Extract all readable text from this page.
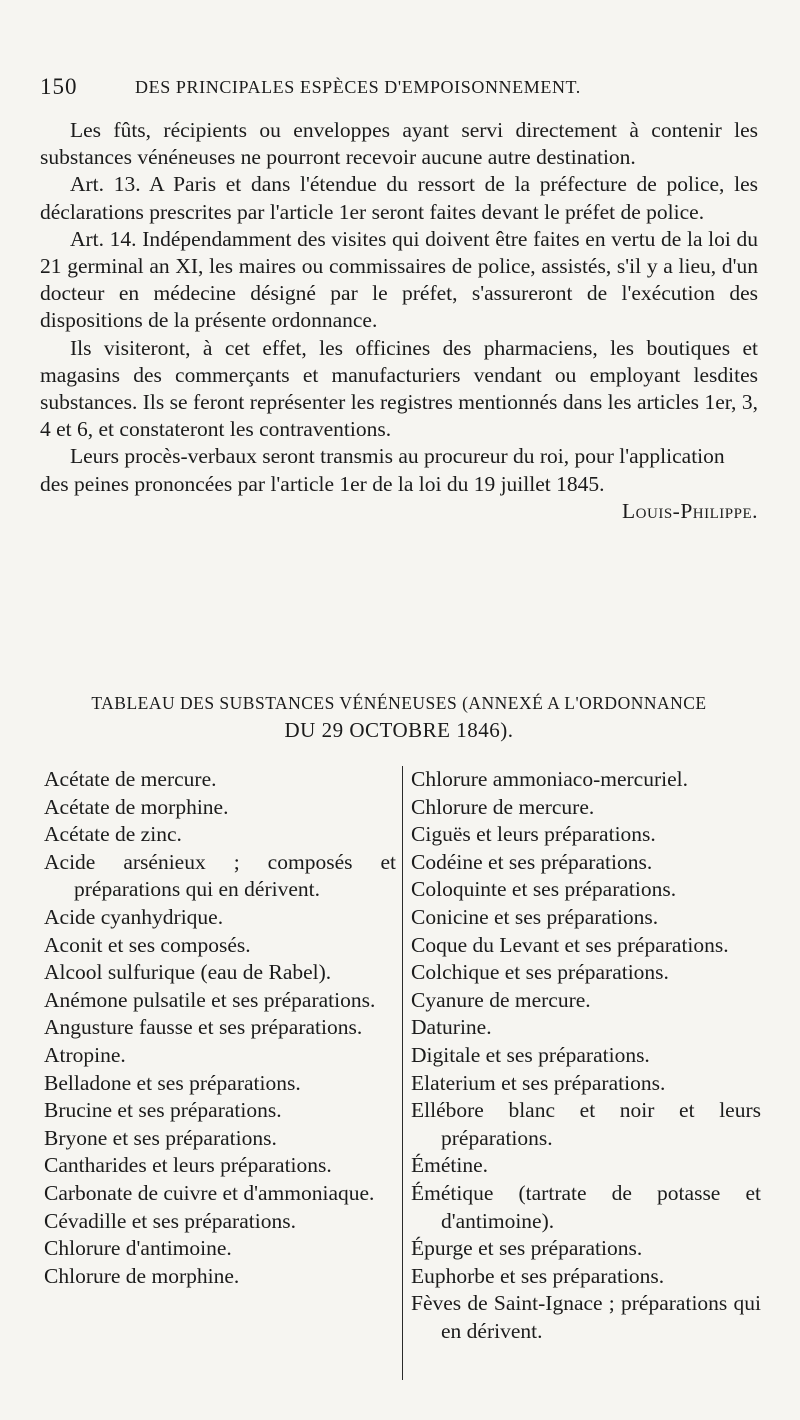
150	DES PRINCIPALES ESPÈCES D'EMPOISONNEMENT.

Les fûts, récipients ou enveloppes ayant servi directement à contenir les substances vénéneuses ne pourront recevoir aucune autre destination.

Art. 13. A Paris et dans l'étendue du ressort de la préfecture de police, les déclarations prescrites par l'article 1er seront faites devant le préfet de police.

Art. 14. Indépendamment des visites qui doivent être faites en vertu de la loi du 21 germinal an XI, les maires ou commissaires de police, assistés, s'il y a lieu, d'un docteur en médecine désigné par le préfet, s'assureront de l'exécution des dispositions de la présente ordonnance.

Ils visiteront, à cet effet, les officines des pharmaciens, les boutiques et magasins des commerçants et manufacturiers vendant ou employant lesdites substances. Ils se feront représenter les registres mentionnés dans les articles 1er, 3, 4 et 6, et constateront les contraventions.

Leurs procès-verbaux seront transmis au procureur du roi, pour l'application des peines prononcées par l'article 1er de la loi du 19 juillet 1845.
Louis-Philippe.

TABLEAU DES SUBSTANCES VÉNÉNEUSES (ANNEXÉ A L'ORDONNANCE
DU 29 OCTOBRE 1846).
Acétate de mercure.
Acétate de morphine.
Acétate de zinc.
Acide arsénieux ; composés et préparations qui en dérivent.
Acide cyanhydrique.
Aconit et ses composés.
Alcool sulfurique (eau de Rabel).
Anémone pulsatile et ses préparations.
Angusture fausse et ses préparations.
Atropine.
Belladone et ses préparations.
Brucine et ses préparations.
Bryone et ses préparations.
Cantharides et leurs préparations.
Carbonate de cuivre et d'ammoniaque.
Cévadille et ses préparations.
Chlorure d'antimoine.
Chlorure de morphine.
Chlorure ammoniaco-mercuriel.
Chlorure de mercure.
Ciguës et leurs préparations.
Codéine et ses préparations.
Coloquinte et ses préparations.
Conicine et ses préparations.
Coque du Levant et ses préparations.
Colchique et ses préparations.
Cyanure de mercure.
Daturine.
Digitale et ses préparations.
Elaterium et ses préparations.
Ellébore blanc et noir et leurs préparations.
Émétine.
Émétique (tartrate de potasse et d'antimoine).
Épurge et ses préparations.
Euphorbe et ses préparations.
Fèves de Saint-Ignace ; préparations qui en dérivent.
